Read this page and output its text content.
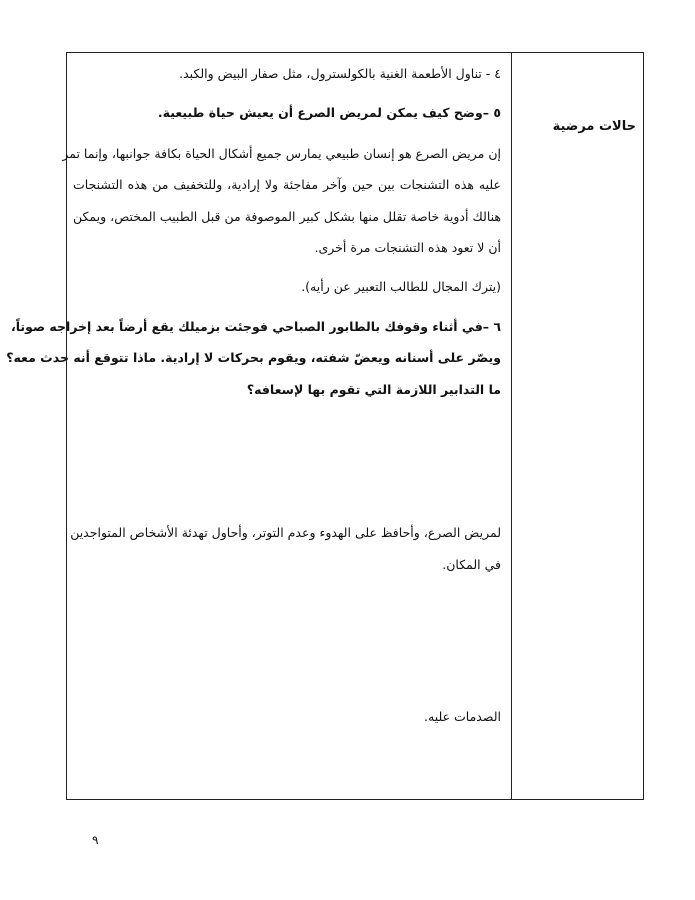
حالات مرضية
٤ - تناول الأطعمة الغنية بالكولسترول، مثل صفار البيض والكبد.
٥ –وضح كيف يمكن لمريض الصرع أن يعيش حياة طبيعية.
إن مريض الصرع هو إنسان طبيعي يمارس جميع أشكال الحياة بكافة جوانبها، وإنما تمر
عليه هذه التشنجات بين حين وآخر مفاجئة ولا إرادية، وللتخفيف من هذه التشنجات
هنالك أدوية خاصة تقلل منها بشكل كبير الموصوفة من قبل الطبيب المختص، ويمكن
أن لا تعود هذه التشنجات مرة أخرى.
(يترك المجال للطالب التعبير عن رأيه).
٦ –في أثناء وقوفك بالطابور الصباحي فوجئت بزميلك يقع أرضاً بعد إخراجه صوتاً،
ويصّر على أسنانه ويعضّ شفته، ويقوم بحركات لا إرادية. ماذا تتوقع أنه حدث معه؟
ما التدابير اللازمة التي تقوم بها لإسعافه؟
لمريض الصرع، وأحافظ على الهدوء وعدم التوتر، وأحاول تهدئة الأشخاص المتواجدين
في المكان.
الصدمات عليه.
٩
